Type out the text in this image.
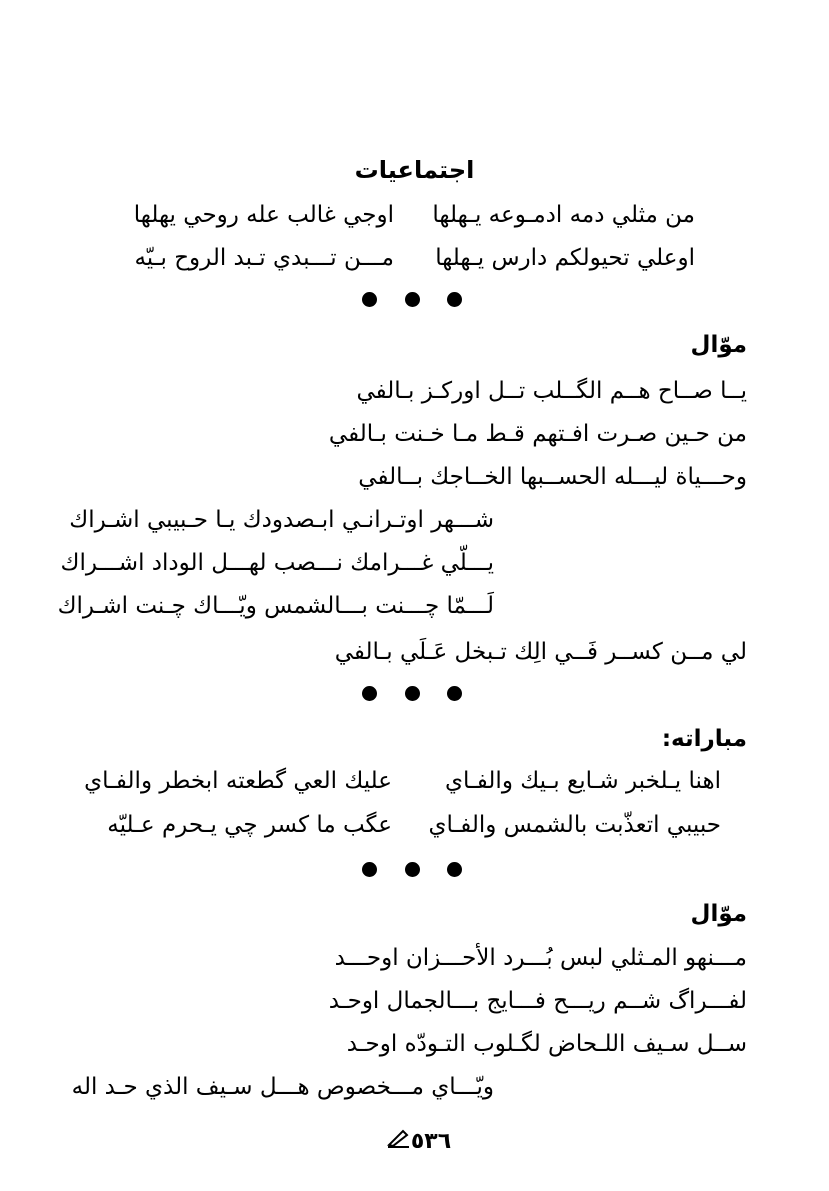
اجتماعيات
من مثلي دمه ادمـوعه يـهلها
اوجي غالب عله روحي يهلها
اوعلي تحيولكم دارس يـهلها
مـــن تـــبدي تـبد الروح بـيّه
موّال
يــا صــاح هــم الگــلب تــل اوركـز بـالفي
من حـين صـرت افـتهم قـط مـا خـنت بـالفي
وحـــياة ليـــله الحســبها الخــاجك بــالفي
شـــهر اوتـرانـي ابـصدودك يـا حـبيبي اشـراك
يـــلّي غـــرامك نـــصب لهـــل الوداد اشـــراك
لَـــمّا چـــنت بـــالشمس ويّـــاك چـنت اشـراك
لي مــن كســر فَــي الِك تـبخل عَـلَي بـالفي
مباراته:
اهنا يـلخبر شـايع بـيك والفـاي
عليك العي گطعته ابخطر والفـاي
حبيبي اتعذّبت بالشمس والفـاي
عگب ما كسر چي يـحرم عـليّه
موّال
مـــنهو المـثلي لبس بُـــرد الأحـــزان اوحـــد
لفـــراگ شــم ريـــح فـــايج بـــالجمال اوحـد
ســل سـيف اللـحاض لگـلوب التـودّه اوحـد
ويّـــاي مـــخصوص هـــل سـيف الذي حـد اله
٥٣٦
